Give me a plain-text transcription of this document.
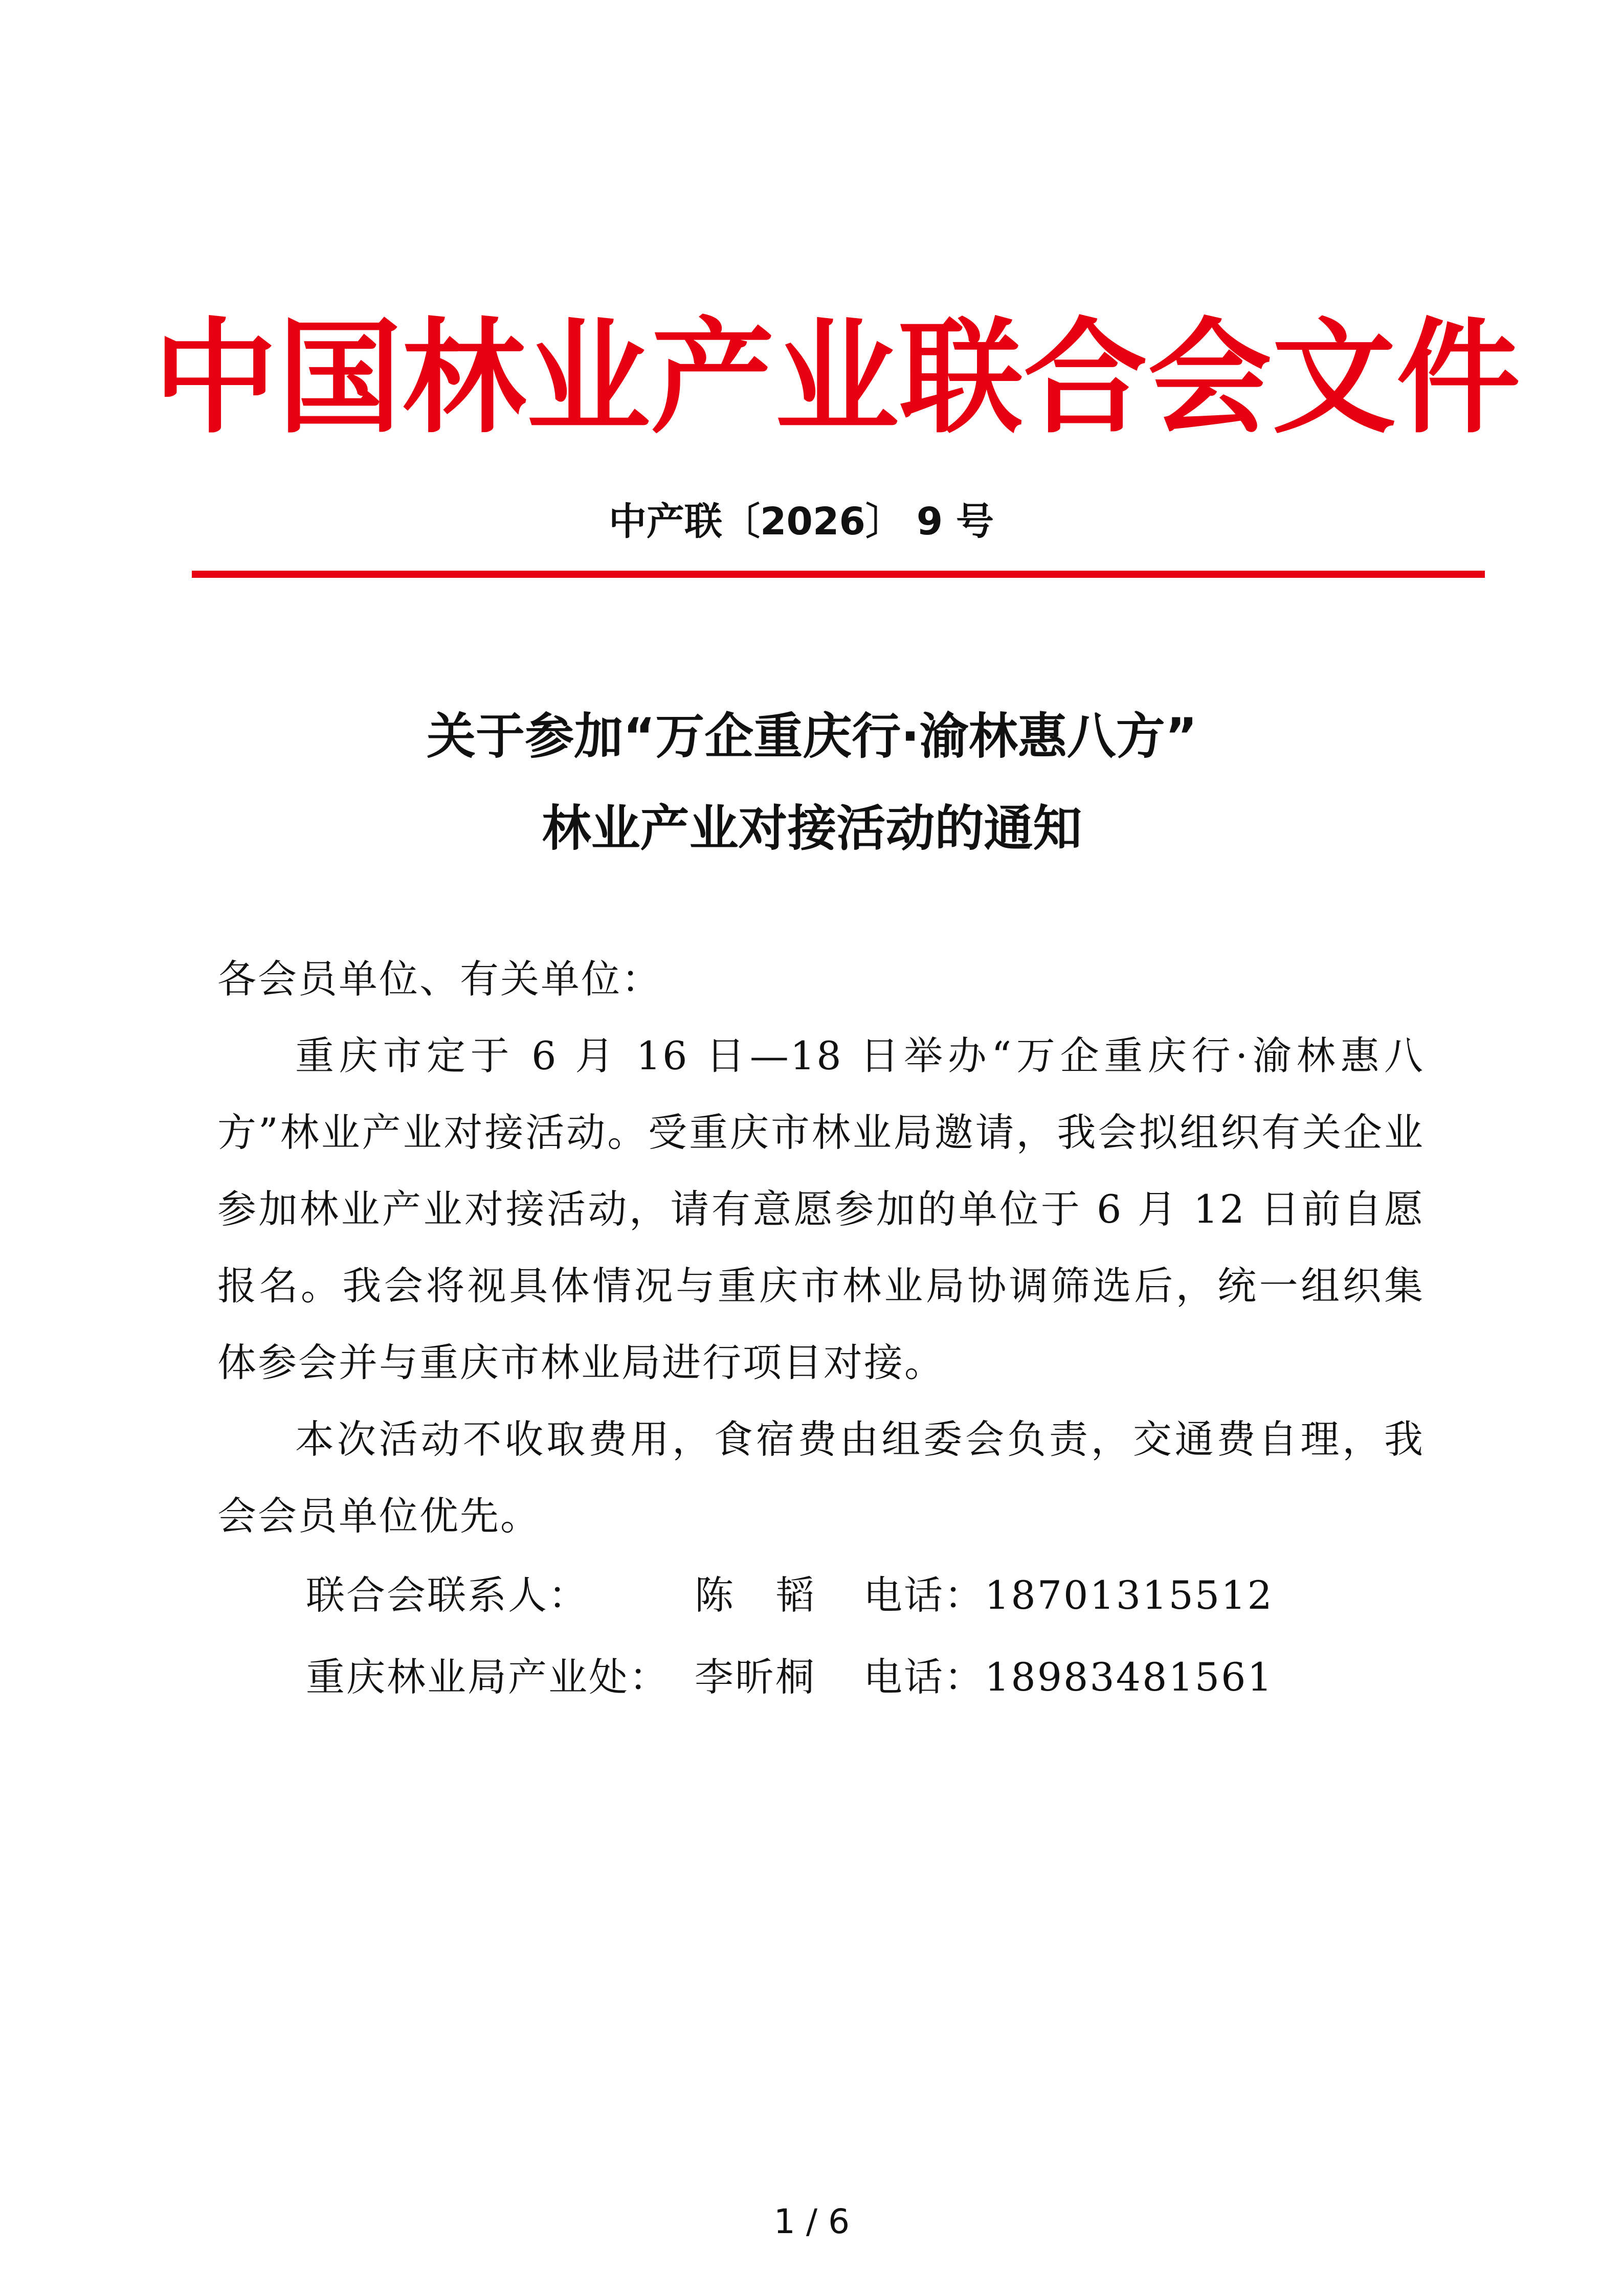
中国林业产业联合会文件
中产联〔2026〕 9 号
关于参加“万企重庆行·渝林惠八方”
林业产业对接活动的通知

各会员单位、有关单位：

重庆市定于 6 月 16 日—18 日举办“万企重庆行·渝林惠八方”林业产业对接活动。受重庆市林业局邀请，我会拟组织有关企业参加林业产业对接活动，请有意愿参加的单位于 6 月 12 日前自愿报名。我会将视具体情况与重庆市林业局协调筛选后，统一组织集体参会并与重庆市林业局进行项目对接。

本次活动不收取费用，食宿费由组委会负责，交通费自理，我会会员单位优先。

联合会联系人：	陈　韬	电话： 18701315512
重庆林业局产业处： 李昕桐	电话： 18983481561
1 / 6
